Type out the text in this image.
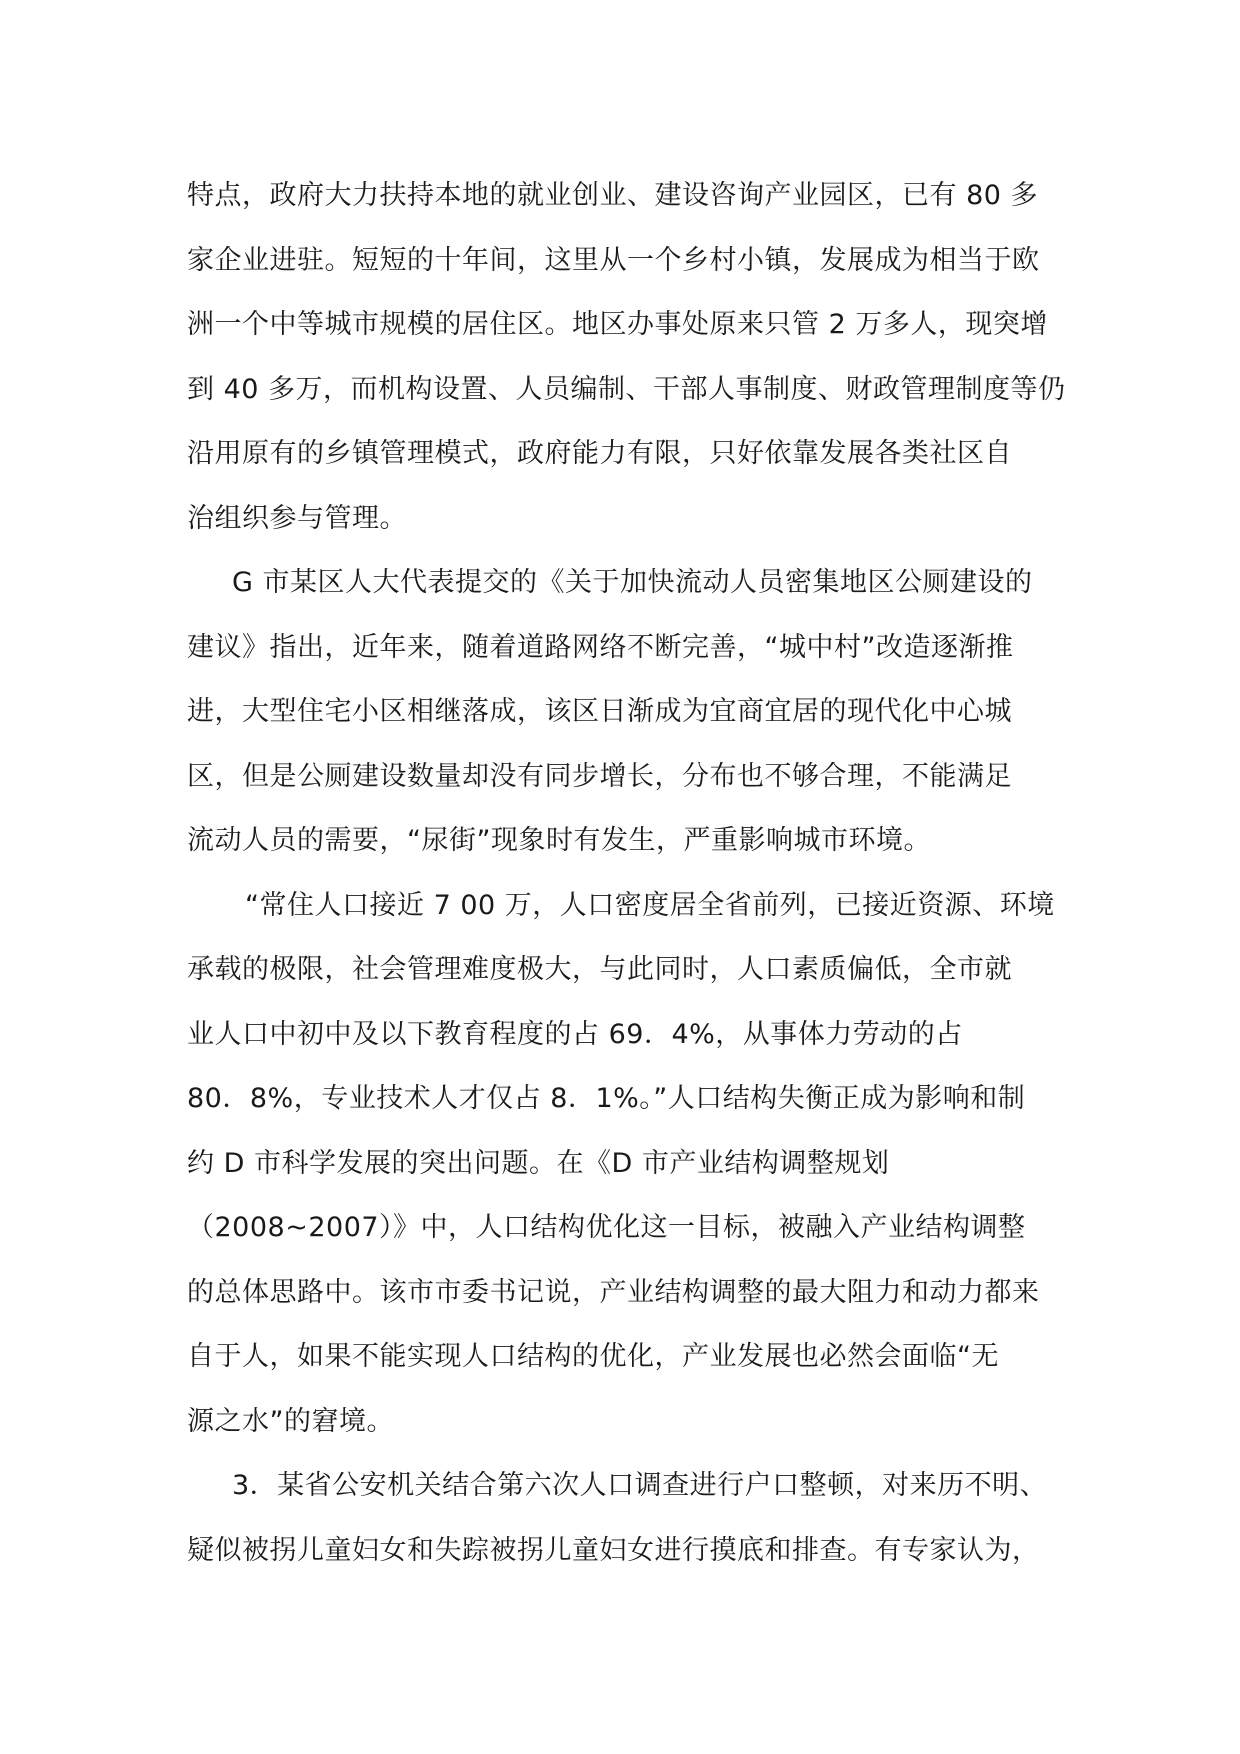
特点，政府大力扶持本地的就业创业、建设咨询产业园区，已有 80 多
家企业进驻。短短的十年间，这里从一个乡村小镇，发展成为相当于欧
洲一个中等城市规模的居住区。地区办事处原来只管 2 万多人，现突增
到 40 多万，而机构设置、人员编制、干部人事制度、财政管理制度等仍
沿用原有的乡镇管理模式，政府能力有限，只好依靠发展各类社区自
治组织参与管理。
G 市某区人大代表提交的《关于加快流动人员密集地区公厕建设的
建议》指出，近年来，随着道路网络不断完善，“城中村”改造逐渐推
进，大型住宅小区相继落成，该区日渐成为宜商宜居的现代化中心城
区，但是公厕建设数量却没有同步增长，分布也不够合理，不能满足
流动人员的需要，“尿街”现象时有发生，严重影响城市环境。
“常住人口接近 7 00 万，人口密度居全省前列，已接近资源、环境
承载的极限，社会管理难度极大，与此同时，人口素质偏低，全市就
业人口中初中及以下教育程度的占 69．4%，从事体力劳动的占
80．8%，专业技术人才仅占 8．1%。”人口结构失衡正成为影响和制
约 D 市科学发展的突出问题。在《D 市产业结构调整规划
（2008~2007）》中，人口结构优化这一目标，被融入产业结构调整
的总体思路中。该市市委书记说，产业结构调整的最大阻力和动力都来
自于人，如果不能实现人口结构的优化，产业发展也必然会面临“无
源之水”的窘境。
3．某省公安机关结合第六次人口调查进行户口整顿，对来历不明、
疑似被拐儿童妇女和失踪被拐儿童妇女进行摸底和排查。有专家认为，
